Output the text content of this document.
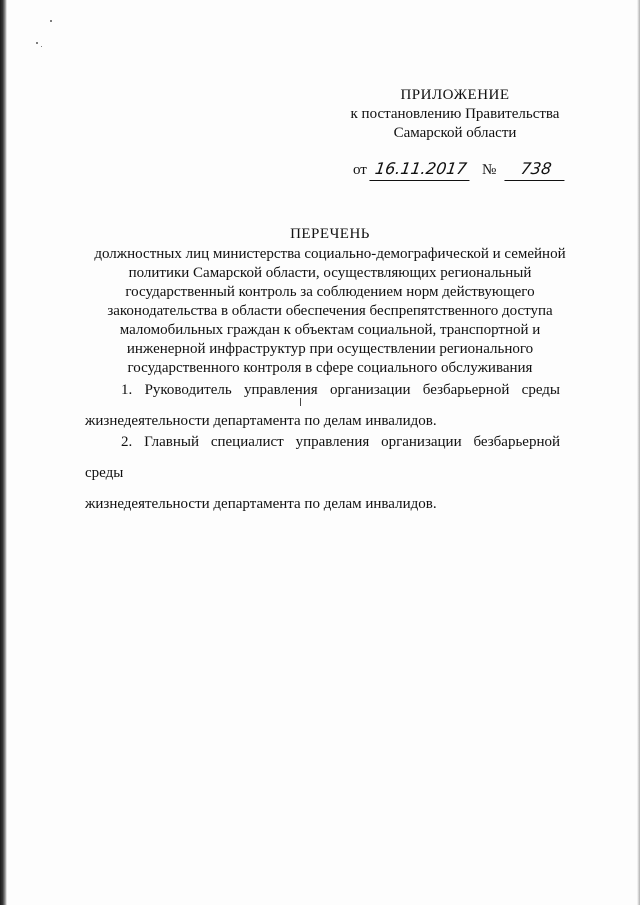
ПРИЛОЖЕНИЕ
к постановлению Правительства
Самарской области
от 16.11.2017 № 738
ПЕРЕЧЕНЬ
должностных лиц министерства социально-демографической и семейной
политики Самарской области, осуществляющих региональный
государственный контроль за соблюдением норм действующего
законодательства в области обеспечения беспрепятственного доступа
маломобильных граждан к объектам социальной, транспортной и
инженерной инфраструктур при осуществлении регионального
государственного контроля в сфере социального обслуживания
1. Руководитель управления организации безбарьерной среды
жизнедеятельности департамента по делам инвалидов.
2. Главный специалист управления организации безбарьерной среды
жизнедеятельности департамента по делам инвалидов.
